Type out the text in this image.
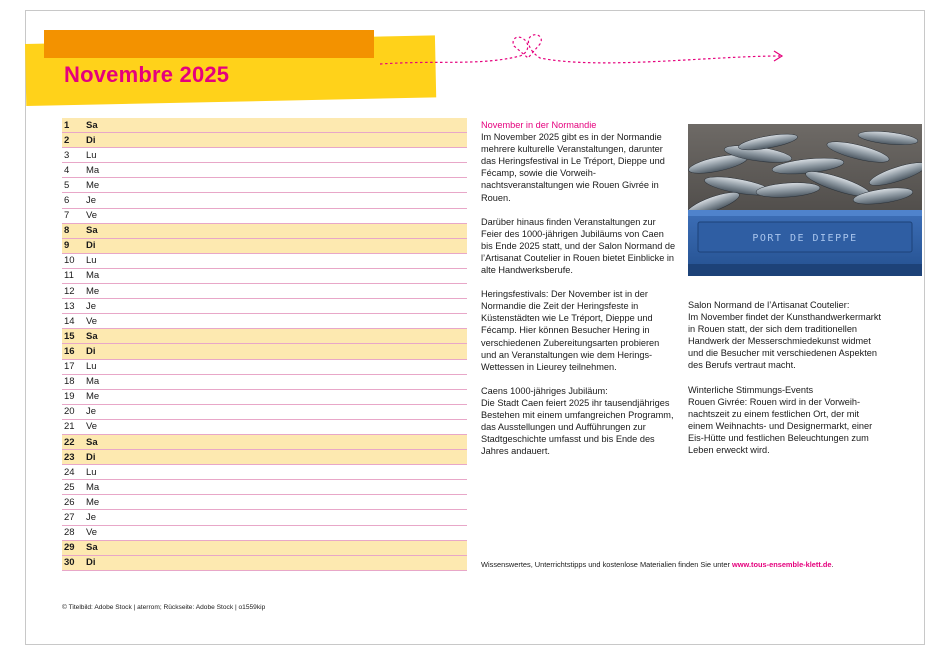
Novembre 2025
1	Sa
2	Di
3	Lu
4	Ma
5	Me
6	Je
7	Ve
8	Sa
9	Di
10	Lu
11	Ma
12	Me
13	Je
14	Ve
15	Sa
16	Di
17	Lu
18	Ma
19	Me
20	Je
21	Ve
22	Sa
23	Di
24	Lu
25	Ma
26	Me
27	Je
28	Ve
29	Sa
30	Di
November in der Normandie

Im November 2025 gibt es in der Normandie mehrere kulturelle Veranstaltungen, darunter das Heringsfestival in Le Tréport, Dieppe und Fécamp, sowie die Vorweihnachtsveranstaltungen wie Rouen Givrée in Rouen.

Darüber hinaus finden Veranstaltungen zur Feier des 1000-jährigen Jubiläums von Caen bis Ende 2025 statt, und der Salon Normand de l’Artisanat Coutelier in Rouen bietet Einblicke in alte Handwerksberufe.

Heringsfestivals: Der November ist in der Normandie die Zeit der Heringsfeste in Küstenstädten wie Le Tréport, Dieppe und Fécamp. Hier können Besucher Hering in verschiedenen Zubereitungsarten probieren und an Veranstaltungen wie dem Herings-Wettessen in Lieurey teilnehmen.

Caens 1000-jähriges Jubiläum:

Die Stadt Caen feiert 2025 ihr tausendjähriges Bestehen mit einem umfangreichen Programm, das Ausstellungen und Aufführungen zur Stadtgeschichte umfasst und bis Ende des Jahres andauert.

PORT DE DIEPPE
Salon Normand de l’Artisanat Coutelier:

Im November findet der Kunsthandwerkermarkt in Rouen statt, der sich dem traditionellen Handwerk der Messerschmiedekunst widmet und die Besucher mit verschiedenen Aspekten des Berufs vertraut macht.

Winterliche Stimmungs-Events

Rouen Givrée: Rouen wird in der Vorweihnachtszeit zu einem festlichen Ort, der mit einem Weihnachts- und Designermarkt, einer Eis-Hütte und festlichen Beleuchtungen zum Leben erweckt wird.

Wissenswertes, Unterrichtstipps und kostenlose Materialien finden Sie unter www.tous-ensemble-klett.de.
© Titelbild: Adobe Stock | aterrom; Rückseite: Adobe Stock | o1559kip
